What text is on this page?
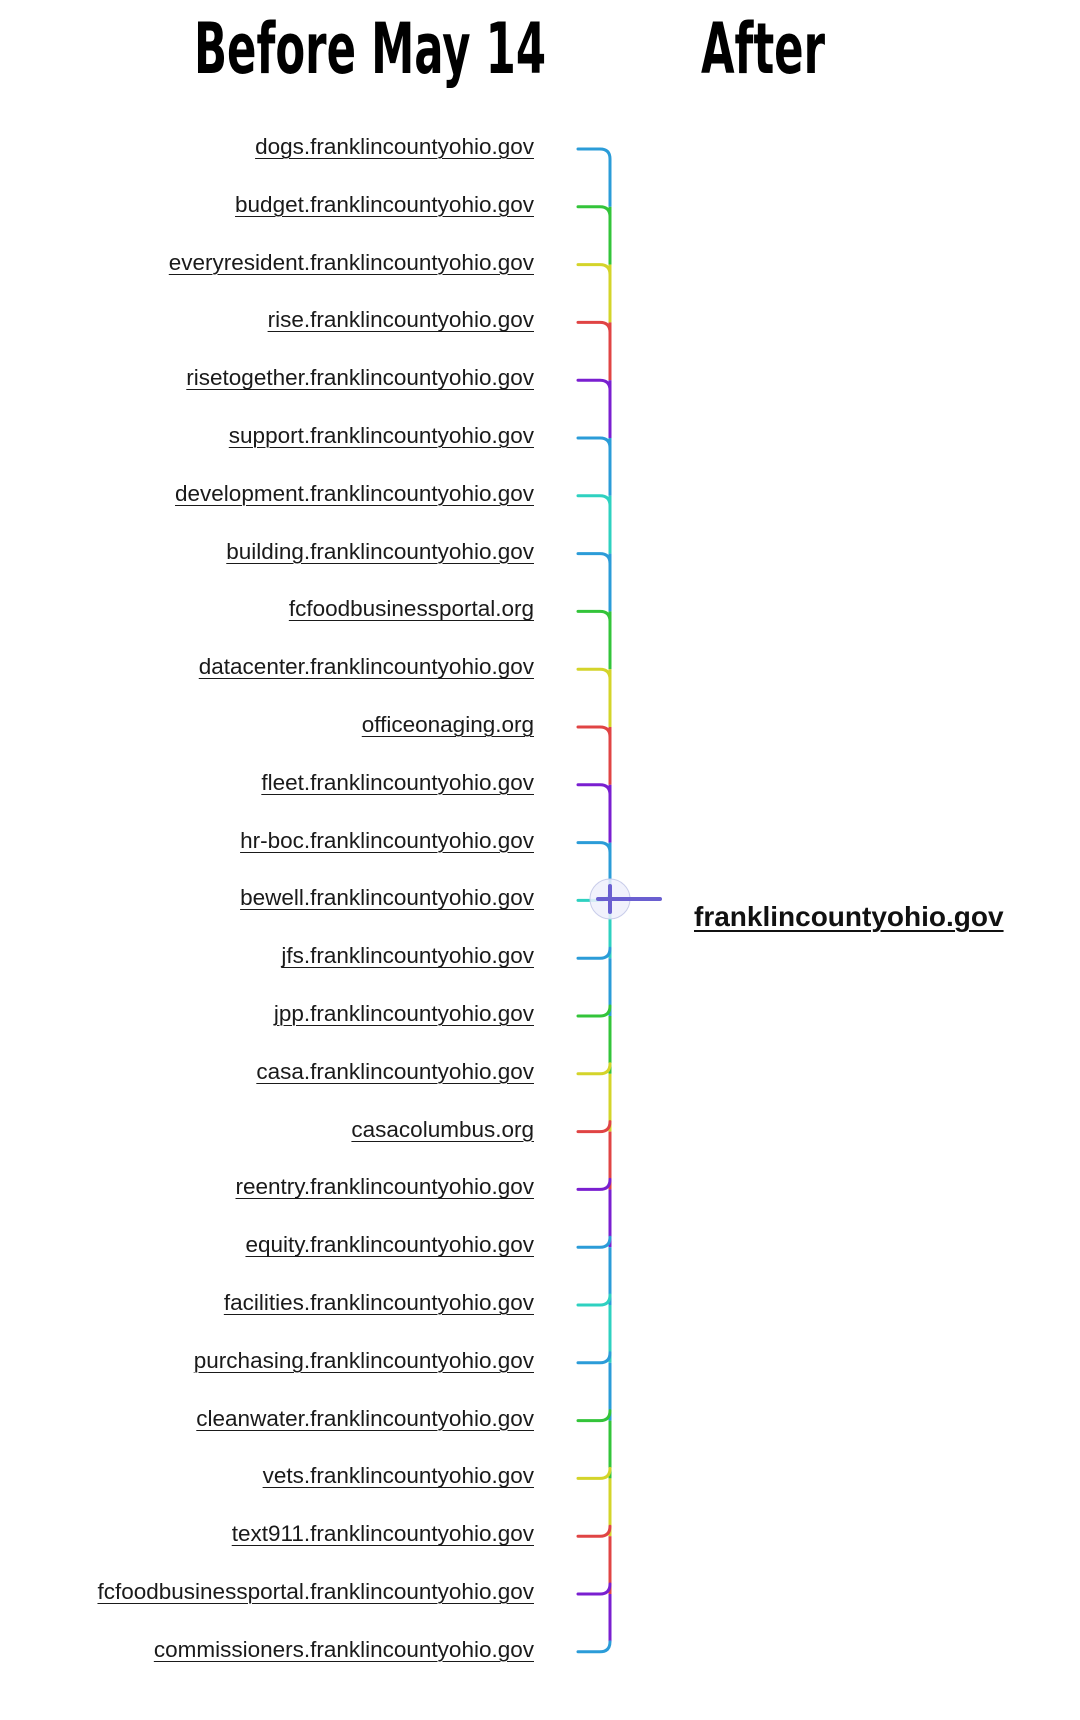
Before May 14	After
dogs.franklincountyohio.gov
budget.franklincountyohio.gov
everyresident.franklincountyohio.gov
rise.franklincountyohio.gov
risetogether.franklincountyohio.gov
support.franklincountyohio.gov
development.franklincountyohio.gov
building.franklincountyohio.gov
fcfoodbusinessportal.org
datacenter.franklincountyohio.gov
officeonaging.org
fleet.franklincountyohio.gov
hr-boc.franklincountyohio.gov
bewell.franklincountyohio.gov
jfs.franklincountyohio.gov
jpp.franklincountyohio.gov
casa.franklincountyohio.gov
casacolumbus.org
reentry.franklincountyohio.gov
equity.franklincountyohio.gov
facilities.franklincountyohio.gov
purchasing.franklincountyohio.gov
cleanwater.franklincountyohio.gov
vets.franklincountyohio.gov
text911.franklincountyohio.gov
fcfoodbusinessportal.franklincountyohio.gov
commissioners.franklincountyohio.gov
franklincountyohio.gov
